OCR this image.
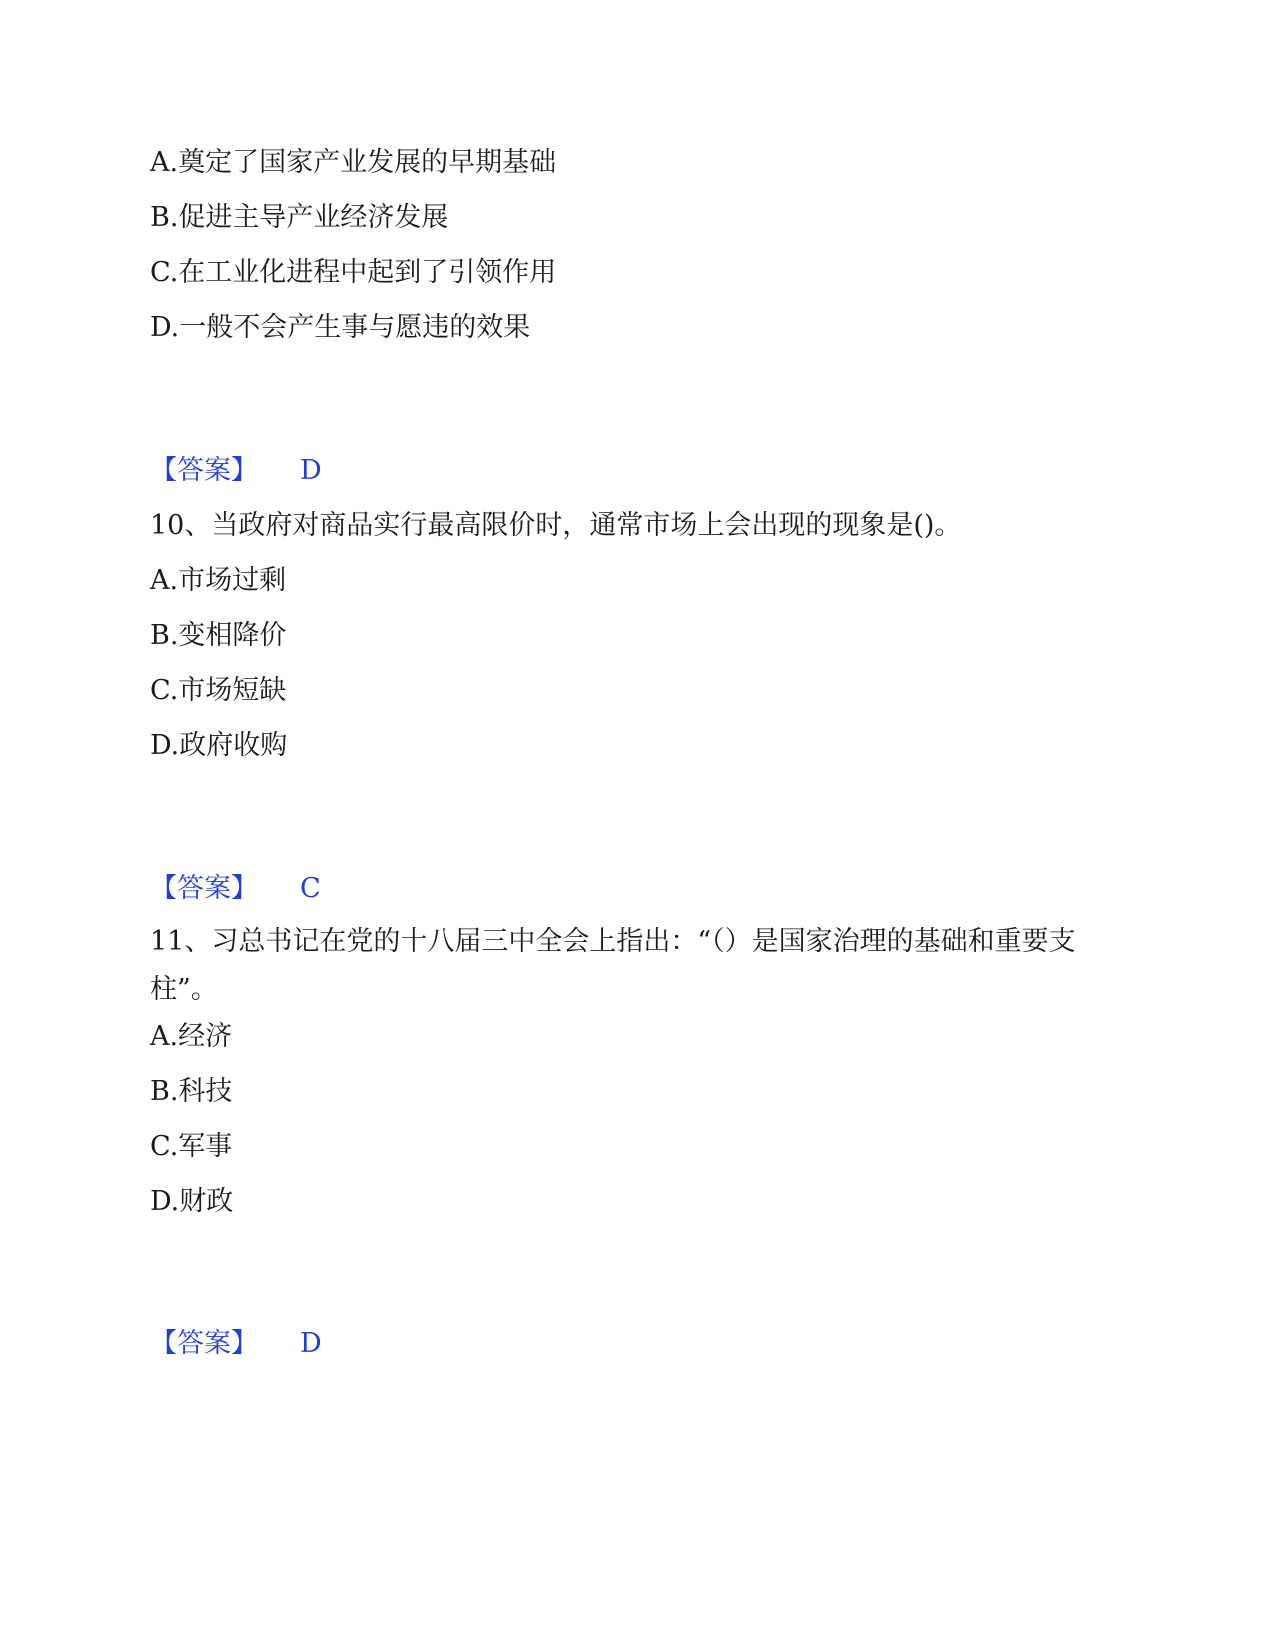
A.奠定了国家产业发展的早期基础
B.促进主导产业经济发展
C.在工业化进程中起到了引领作用
D.一般不会产生事与愿违的效果
【答案】 D
10、当政府对商品实行最高限价时，通常市场上会出现的现象是()。
A.市场过剩
B.变相降价
C.市场短缺
D.政府收购
【答案】 C
11、习总书记在党的十八届三中全会上指出：“（）是国家治理的基础和重要支柱”。
A.经济
B.科技
C.军事
D.财政
【答案】 D
